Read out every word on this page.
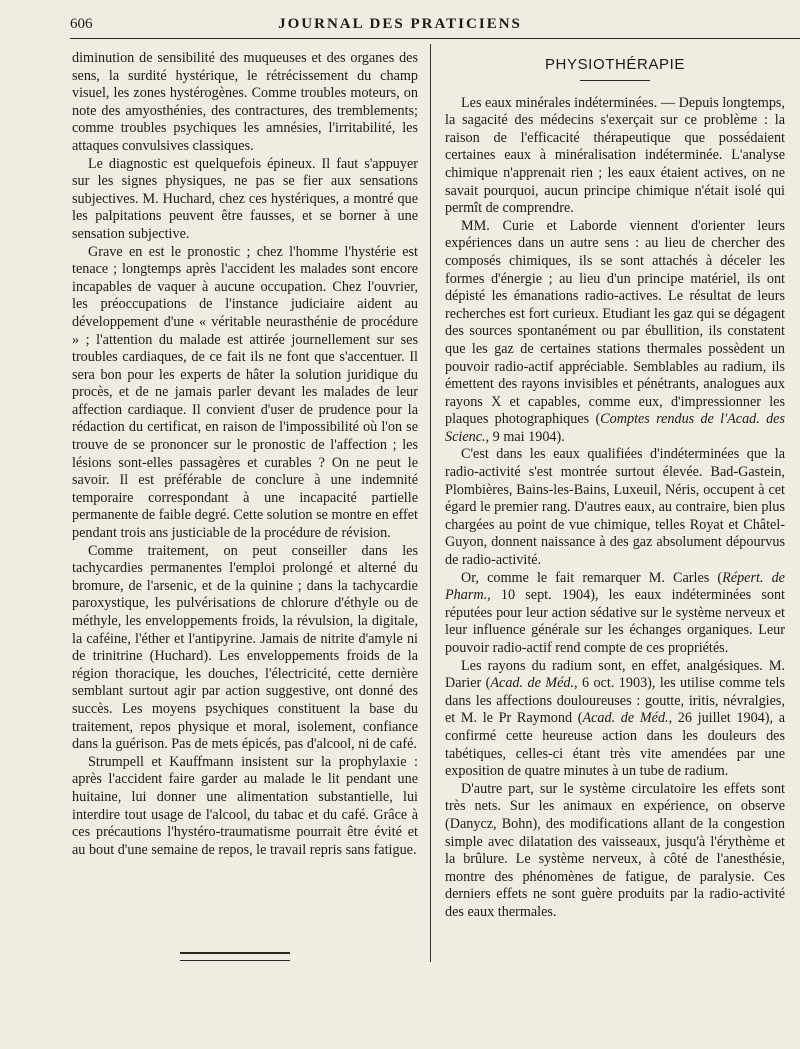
606	JOURNAL DES PRATICIENS

diminution de sensibilité des muqueuses et des organes des sens, la surdité hystérique, le rétrécissement du champ visuel, les zones hystérogènes. Comme troubles moteurs, on note des amyosthénies, des contractures, des tremblements; comme troubles psychiques les amnésies, l'irritabilité, les attaques convulsives classiques.

Le diagnostic est quelquefois épineux. Il faut s'appuyer sur les signes physiques, ne pas se fier aux sensations subjectives. M. Huchard, chez ces hystériques, a montré que les palpitations peuvent être fausses, et se borner à une sensation subjective.

Grave en est le pronostic ; chez l'homme l'hystérie est tenace ; longtemps après l'accident les malades sont encore incapables de vaquer à aucune occupation. Chez l'ouvrier, les préoccupations de l'instance judiciaire aident au développement d'une « véritable neurasthénie de procédure » ; l'attention du malade est attirée journellement sur ses troubles cardiaques, de ce fait ils ne font que s'accentuer. Il sera bon pour les experts de hâter la solution juridique du procès, et de ne jamais parler devant les malades de leur affection cardiaque. Il convient d'user de prudence pour la rédaction du certificat, en raison de l'impossibilité où l'on se trouve de se prononcer sur le pronostic de l'affection ; les lésions sont-elles passagères et curables ? On ne peut le savoir. Il est préférable de conclure à une indemnité temporaire correspondant à une incapacité partielle permanente de faible degré. Cette solution se montre en effet pendant trois ans justiciable de la procédure de révision.

Comme traitement, on peut conseiller dans les tachycardies permanentes l'emploi prolongé et alterné du bromure, de l'arsenic, et de la quinine ; dans la tachycardie paroxystique, les pulvérisations de chlorure d'éthyle ou de méthyle, les enveloppements froids, la révulsion, la digitale, la caféine, l'éther et l'antipyrine. Jamais de nitrite d'amyle ni de trinitrine (Huchard). Les enveloppements froids de la région thoracique, les douches, l'électricité, cette dernière semblant surtout agir par action suggestive, ont donné des succès. Les moyens psychiques constituent la base du traitement, repos physique et moral, isolement, confiance dans la guérison. Pas de mets épicés, pas d'alcool, ni de café.

Strumpell et Kauffmann insistent sur la prophylaxie : après l'accident faire garder au malade le lit pendant une huitaine, lui donner une alimentation substantielle, lui interdire tout usage de l'alcool, du tabac et du café. Grâce à ces précautions l'hystéro-traumatisme pourrait être évité et au bout d'une semaine de repos, le travail repris sans fatigue.

PHYSIOTHÉRAPIE

Les eaux minérales indéterminées. — Depuis longtemps, la sagacité des médecins s'exerçait sur ce problème : la raison de l'efficacité thérapeutique que possédaient certaines eaux à minéralisation indéterminée. L'analyse chimique n'apprenait rien ; les eaux étaient actives, on ne savait pourquoi, aucun principe chimique n'était isolé qui permît de comprendre.

MM. Curie et Laborde viennent d'orienter leurs expériences dans un autre sens : au lieu de chercher des composés chimiques, ils se sont attachés à déceler les formes d'énergie ; au lieu d'un principe matériel, ils ont dépisté les émanations radio-actives. Le résultat de leurs recherches est fort curieux. Etudiant les gaz qui se dégagent des sources spontanément ou par ébullition, ils constatent que les gaz de certaines stations thermales possèdent un pouvoir radio-actif appréciable. Semblables au radium, ils émettent des rayons invisibles et pénétrants, analogues aux rayons X et capables, comme eux, d'impressionner les plaques photographiques (Comptes rendus de l'Acad. des Scienc., 9 mai 1904).

C'est dans les eaux qualifiées d'indéterminées que la radio-activité s'est montrée surtout élevée. Bad-Gastein, Plombières, Bains-les-Bains, Luxeuil, Néris, occupent à cet égard le premier rang. D'autres eaux, au contraire, bien plus chargées au point de vue chimique, telles Royat et Châtel-Guyon, donnent naissance à des gaz absolument dépourvus de radio-activité.

Or, comme le fait remarquer M. Carles (Répert. de Pharm., 10 sept. 1904), les eaux indéterminées sont réputées pour leur action sédative sur le système nerveux et leur influence générale sur les échanges organiques. Leur pouvoir radio-actif rend compte de ces propriétés.

Les rayons du radium sont, en effet, analgésiques. M. Darier (Acad. de Méd., 6 oct. 1903), les utilise comme tels dans les affections douloureuses : goutte, iritis, névralgies, et M. le Pr Raymond (Acad. de Méd., 26 juillet 1904), a confirmé cette heureuse action dans les douleurs des tabétiques, celles-ci étant très vite amendées par une exposition de quatre minutes à un tube de radium.

D'autre part, sur le système circulatoire les effets sont très nets. Sur les animaux en expérience, on observe (Danycz, Bohn), des modifications allant de la congestion simple avec dilatation des vaisseaux, jusqu'à l'érythème et la brûlure. Le système nerveux, à côté de l'anesthésie, montre des phénomènes de fatigue, de paralysie. Ces derniers effets ne sont guère produits par la radio-activité des eaux thermales.
